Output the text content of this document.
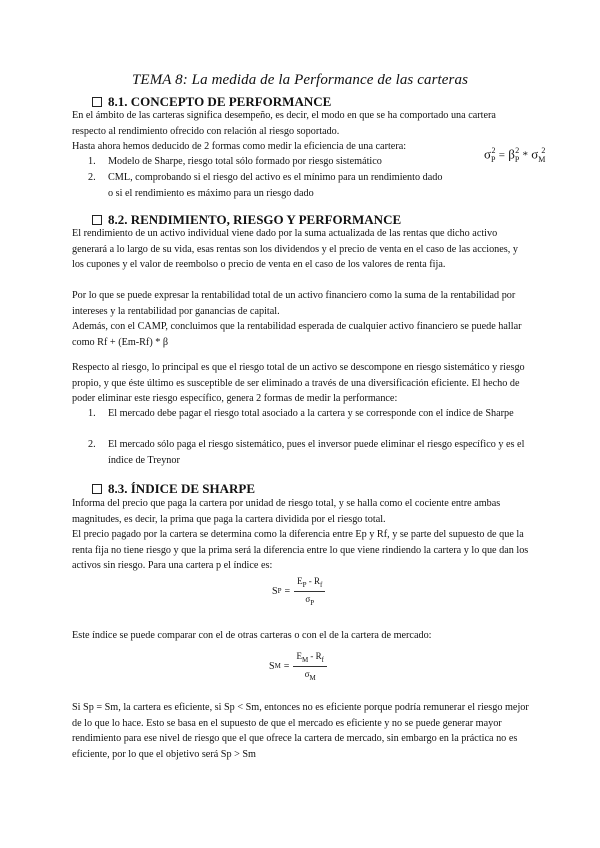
TEMA 8: La medida de la Performance de las carteras
8.1. CONCEPTO DE PERFORMANCE

En el ámbito de las carteras significa desempeño, es decir, el modo en que se ha comportado una cartera respecto al rendimiento ofrecido con relación al riesgo soportado.

Hasta ahora hemos deducido de 2 formas como medir la eficiencia de una cartera:

1.	Modelo de Sharpe, riesgo total sólo formado por riesgo sistemático
2.	CML, comprobando si el riesgo del activo es el mínimo para un rendimiento dado o si el rendimiento es máximo para un riesgo dado
$\sigma_P^2 = \beta_P^2 * \sigma_M^2$
8.2. RENDIMIENTO, RIESGO Y PERFORMANCE

El rendimiento de un activo individual viene dado por la suma actualizada de las rentas que dicho activo generará a lo largo de su vida, esas rentas son los dividendos y el precio de venta en el caso de las acciones, y los cupones y el valor de reembolso o precio de venta en el caso de los valores de renta fija.

Por lo que se puede expresar la rentabilidad total de un activo financiero como la suma de la rentabilidad por intereses y la rentabilidad por ganancias de capital.

Además, con el CAMP, concluimos que la rentabilidad esperada de cualquier activo financiero se puede hallar como Rf + (Em-Rf) * β

Respecto al riesgo, lo principal es que el riesgo total de un activo se descompone en riesgo sistemático y riesgo propio, y que éste último es susceptible de ser eliminado a través de una diversificación eficiente. El hecho de poder eliminar este riesgo específico, genera 2 formas de medir la performance:

1.	El mercado debe pagar el riesgo total asociado a la cartera y se corresponde con el índice de Sharpe
2.	El mercado sólo paga el riesgo sistemático, pues el inversor puede eliminar el riesgo específico y es el índice de Treynor
8.3. ÍNDICE DE SHARPE

Informa del precio que paga la cartera por unidad de riesgo total, y se halla como el cociente entre ambas magnitudes, es decir, la prima que paga la cartera dividida por el riesgo total.

El precio pagado por la cartera se determina como la diferencia entre Ep y Rf, y se parte del supuesto de que la renta fija no tiene riesgo y que la prima será la diferencia entre lo que viene rindiendo la cartera y lo que dan los activos sin riesgo. Para una cartera p el índice es:

S $P = \frac{E_P - R_f}{\sigma_P}$

Este índice se puede comparar con el de otras carteras o con el de la cartera de mercado:

S $M = \frac{E_M - R_f}{\sigma_M}$

Si Sp = Sm, la cartera es eficiente, si Sp < Sm, entonces no es eficiente porque podría remunerar el riesgo mejor de lo que lo hace. Esto se basa en el supuesto de que el mercado es eficiente y no se puede generar mayor rendimiento para ese nivel de riesgo que el que ofrece la cartera de mercado, sin embargo en la práctica no es eficiente, por lo que el objetivo será Sp > Sm
